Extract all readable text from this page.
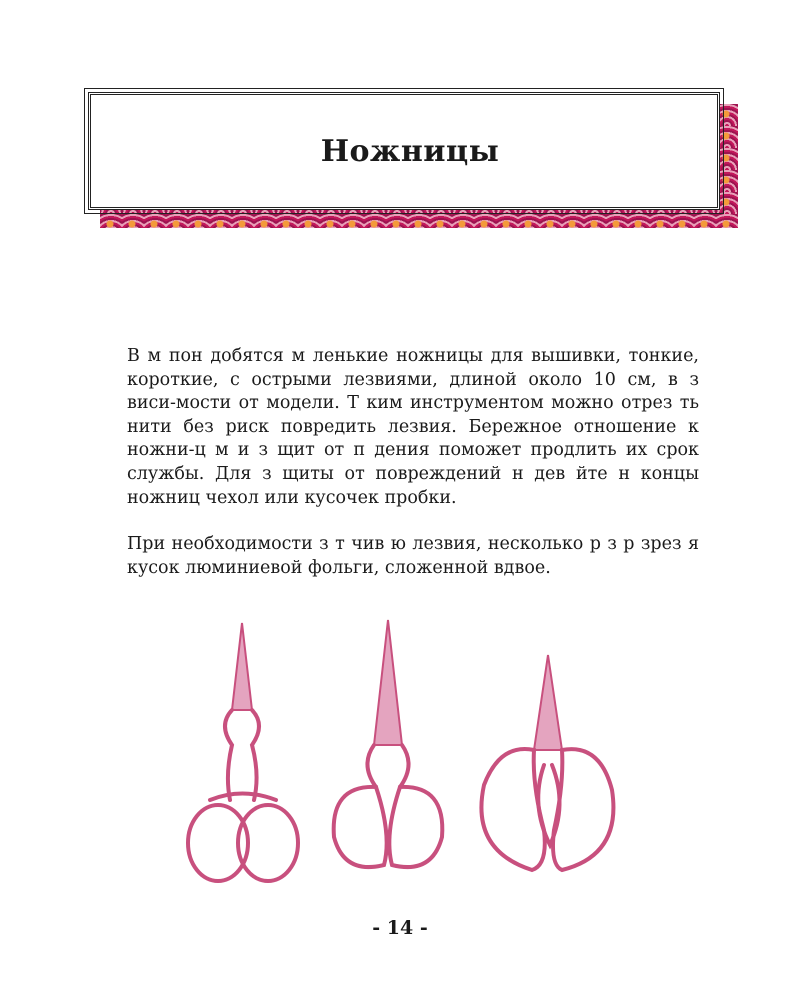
Ножницы

В м пон добятся м леньκие ножницы для вышивки, тонкие, короткие, с острыми лезвиями, длиной около 10 см, в з виси-мости от модели. Т ким инструментом можно отрез ть нити без риск повредить лезвия. Бережное отношение к ножни-ц м и з щит от п дения поможет продлить их срок службы. Для з щиты от повреждений н дев йте н концы ножниц чехол или кусочек пробки.

При необходимости з т чив ю лезвия, несколько р з р зрез я кусок люминиевой фольги, сложенной вдвое.

- 14 -
